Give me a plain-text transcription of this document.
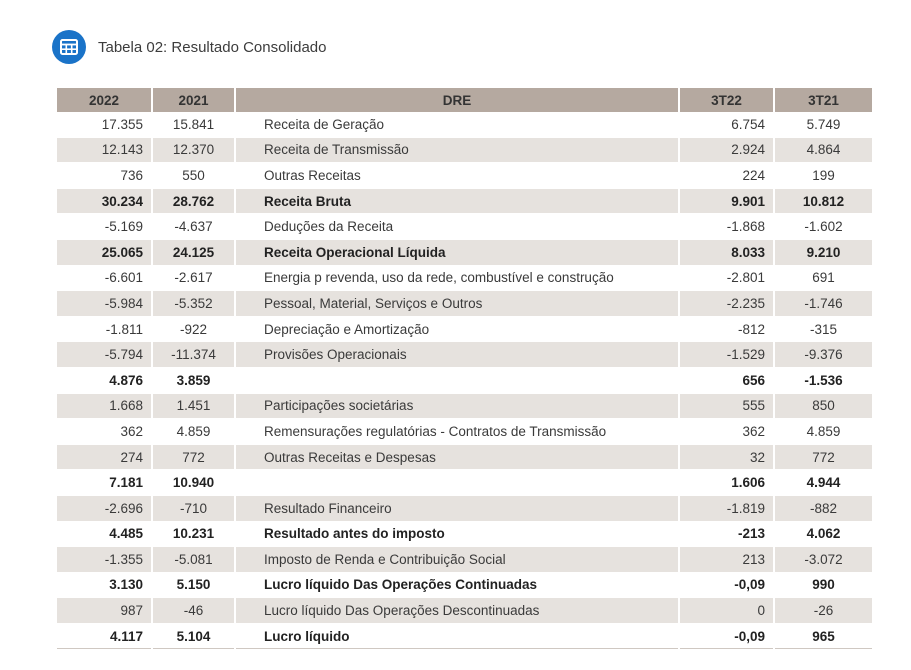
Tabela 02: Resultado Consolidado
2022	2021	DRE	3T22	3T21
17.355	15.841	Receita de Geração	6.754	5.749
12.143	12.370	Receita de Transmissão	2.924	4.864
736	550	Outras Receitas	224	199
30.234	28.762	Receita Bruta	9.901	10.812
-5.169	-4.637	Deduções da Receita	-1.868	-1.602
25.065	24.125	Receita Operacional Líquida	8.033	9.210
-6.601	-2.617	Energia p revenda, uso da rede, combustível e construção	-2.801	691
-5.984	-5.352	Pessoal, Material, Serviços e Outros	-2.235	-1.746
-1.811	-922	Depreciação e Amortização	-812	-315
-5.794	-11.374	Provisões Operacionais	-1.529	-9.376
4.876	3.859		656	-1.536
1.668	1.451	Participações societárias	555	850
362	4.859	Remensurações regulatórias - Contratos de Transmissão	362	4.859
274	772	Outras Receitas e Despesas	32	772
7.181	10.940		1.606	4.944
-2.696	-710	Resultado Financeiro	-1.819	-882
4.485	10.231	Resultado antes do imposto	-213	4.062
-1.355	-5.081	Imposto de Renda e Contribuição Social	213	-3.072
3.130	5.150	Lucro líquido Das Operações Continuadas	-0,09	990
987	-46	Lucro líquido Das Operações Descontinuadas	0	-26
4.117	5.104	Lucro líquido	-0,09	965
